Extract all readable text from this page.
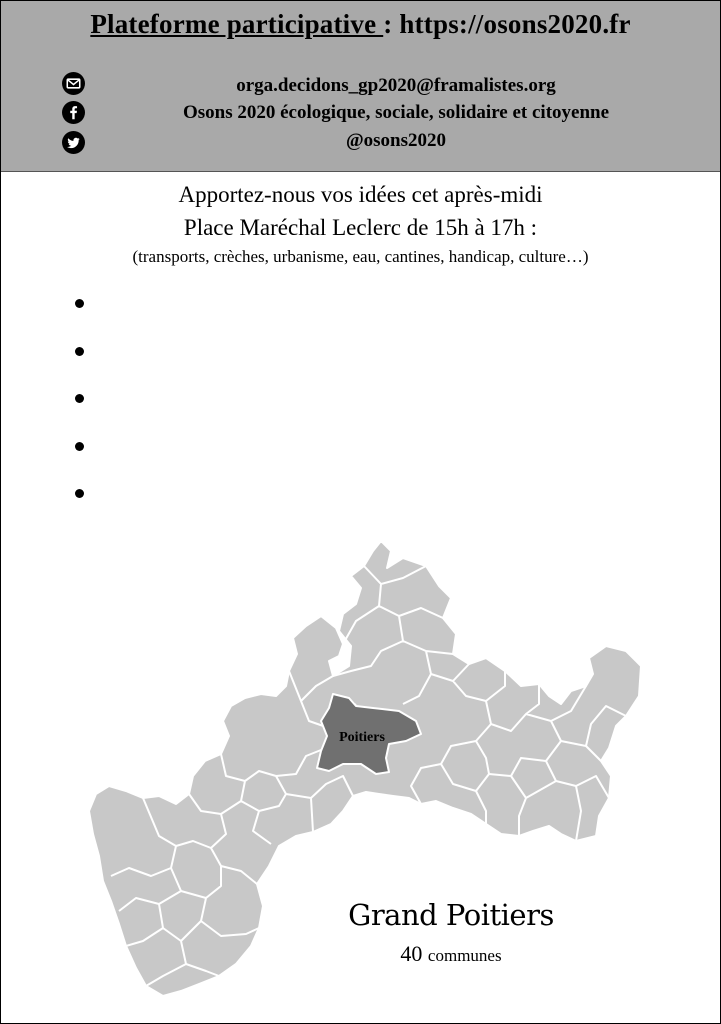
Plateforme participative : https://osons2020.fr
orga.decidons_gp2020@framalistes.org
Osons 2020 écologique, sociale, solidaire et citoyenne
@osons2020
Apportez-nous vos idées cet après-midi
Place Maréchal Leclerc de 15h à 17h :
(transports, crèches, urbanisme, eau, cantines, handicap, culture…)
Poitiers
Grand Poitiers
40 communes
